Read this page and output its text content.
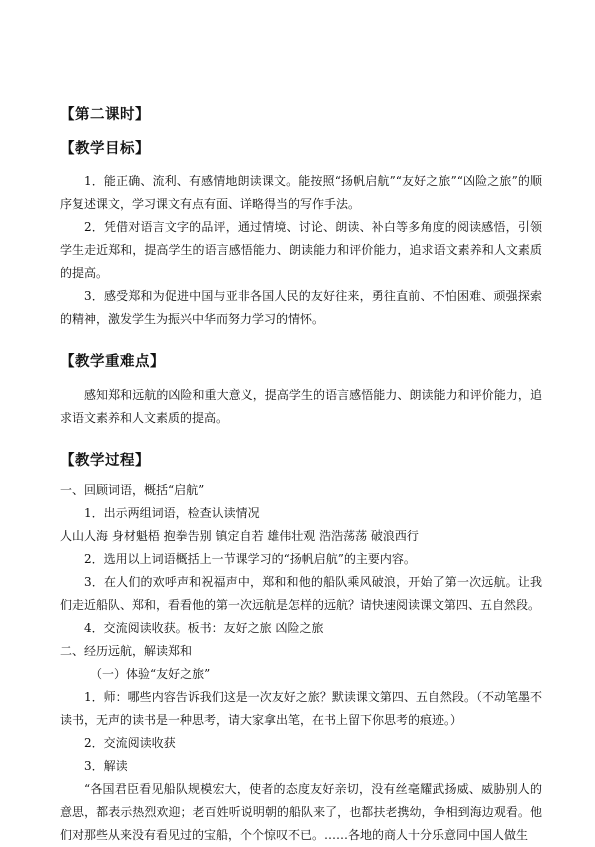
【第二课时】
【教学目标】
1．能正确、流利、有感情地朗读课文。能按照“扬帆启航”“友好之旅”“凶险之旅”的顺序复述课文，学习课文有点有面、详略得当的写作手法。
2．凭借对语言文字的品评，通过情境、讨论、朗读、补白等多角度的阅读感悟，引领学生走近郑和，提高学生的语言感悟能力、朗读能力和评价能力，追求语文素养和人文素质的提高。
3．感受郑和为促进中国与亚非各国人民的友好往来，勇往直前、不怕困难、顽强探索的精神，激发学生为振兴中华而努力学习的情怀。
【教学重难点】
感知郑和远航的凶险和重大意义，提高学生的语言感悟能力、朗读能力和评价能力，追求语文素养和人文素质的提高。
【教学过程】
一、回顾词语，概括“启航”
1．出示两组词语，检查认读情况
人山人海 身材魁梧 抱拳告别 镇定自若 雄伟壮观 浩浩荡荡 破浪西行
2．选用以上词语概括上一节课学习的“扬帆启航”的主要内容。
3．在人们的欢呼声和祝福声中，郑和和他的船队乘风破浪，开始了第一次远航。让我们走近船队、郑和，看看他的第一次远航是怎样的远航？请快速阅读课文第四、五自然段。
4．交流阅读收获。板书：友好之旅 凶险之旅
二、经历远航，解读郑和
（一）体验“友好之旅”
1．师：哪些内容告诉我们这是一次友好之旅？默读课文第四、五自然段。（不动笔墨不读书，无声的读书是一种思考，请大家拿出笔，在书上留下你思考的痕迹。）
2．交流阅读收获
3．解读
“各国君臣看见船队规模宏大，使者的态度友好亲切，没有丝毫耀武扬威、威胁别人的意思，都表示热烈欢迎；老百姓听说明朝的船队来了，也都扶老携幼，争相到海边观看。他们对那些从来没有看见过的宝船，个个惊叹不已。……各地的商人十分乐意同中国人做生
